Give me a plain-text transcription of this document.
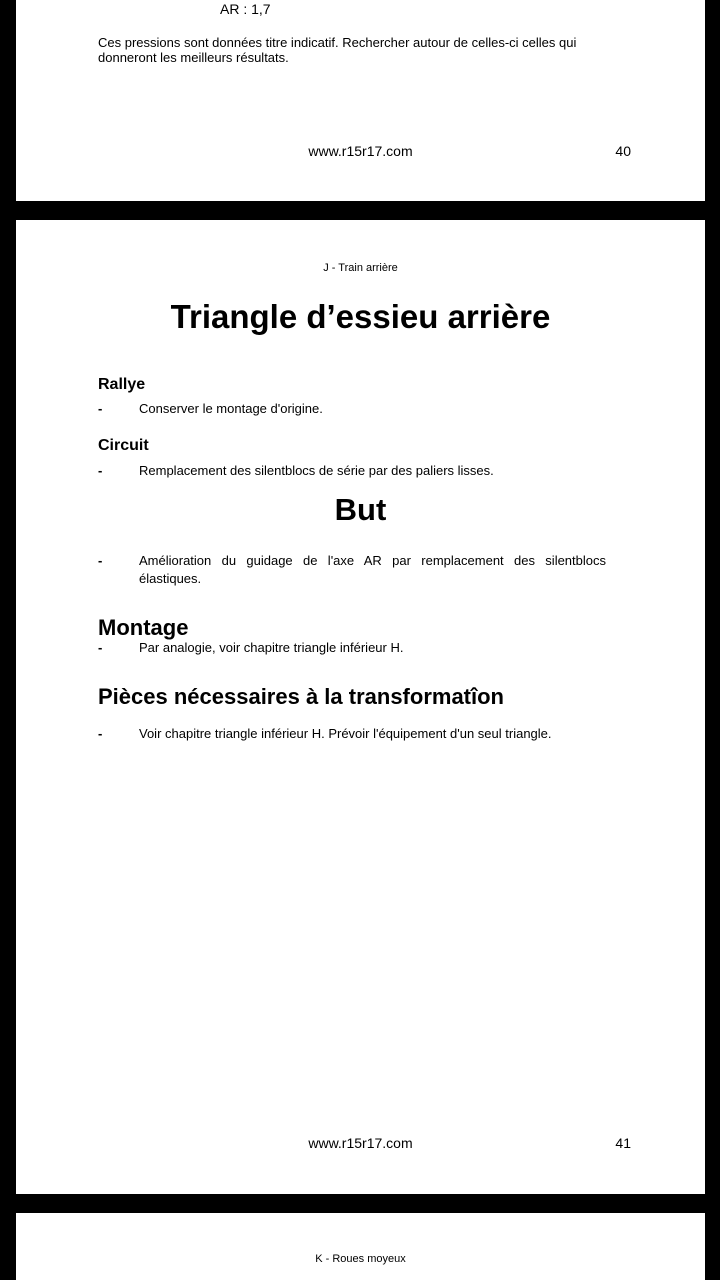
AR : 1,7
Ces pressions sont données titre indicatif. Rechercher autour de celles-ci celles qui donneront les meilleurs résultats.
www.r15r17.com	40
J - Train arrière
Triangle d’essieu arrière
Rallye
-	Conserver le montage d'origine.
Circuit
-	Remplacement des silentblocs de série par des paliers lisses.
But
-	Amélioration du guidage de l'axe AR par remplacement des silentblocs élastiques.
Montage
-	Par analogie, voir chapitre triangle inférieur H.
Pièces nécessaires à la transformatîon
-	Voir chapitre triangle inférieur H. Prévoir l'équipement d'un seul triangle.
www.r15r17.com	41
K - Roues moyeux
